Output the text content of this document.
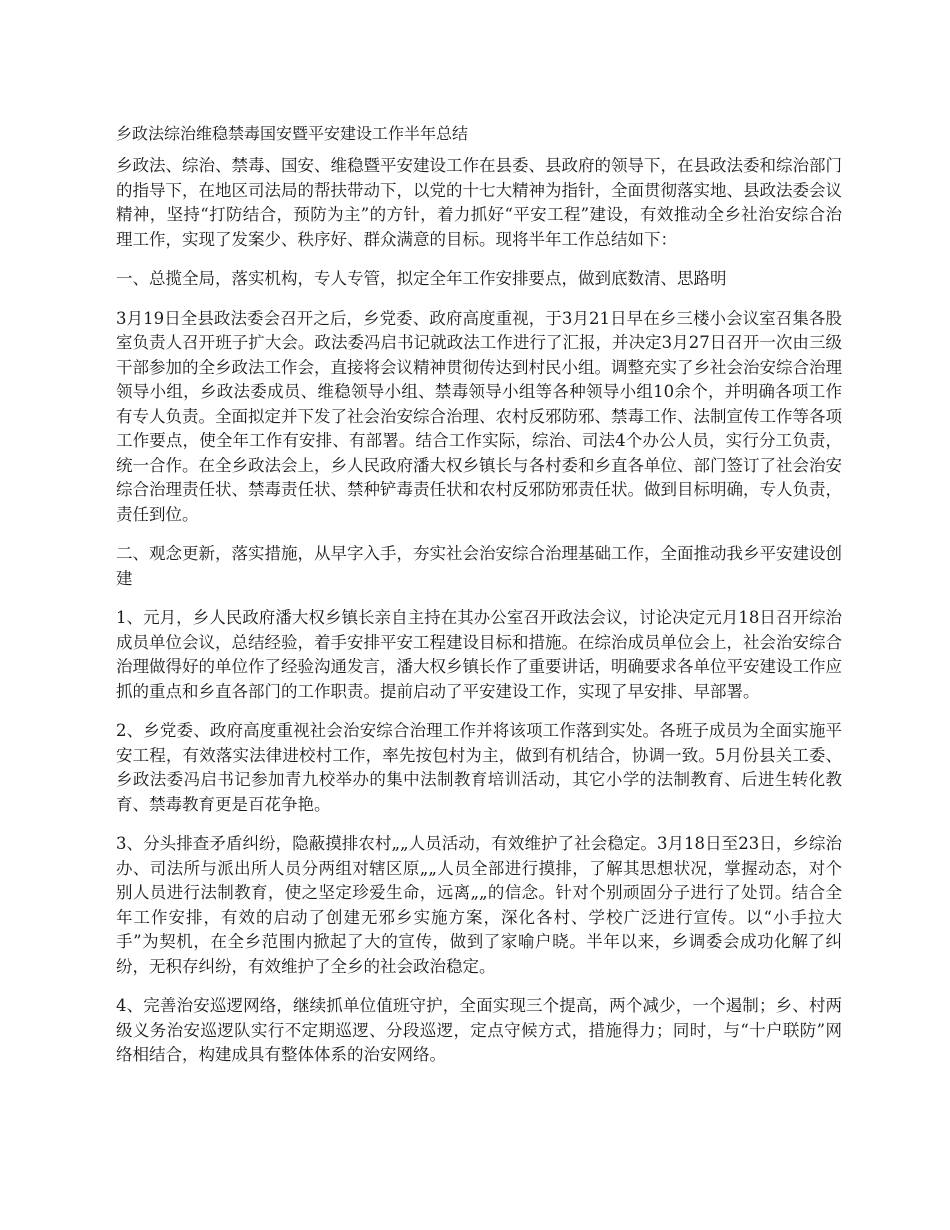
乡政法综治维稳禁毒国安暨平安建设工作半年总结

乡政法、综治、禁毒、国安、维稳暨平安建设工作在县委、县政府的领导下，在县政法委和综治部门的指导下，在地区司法局的帮扶带动下，以党的十七大精神为指针，全面贯彻落实地、县政法委会议精神，坚持“打防结合，预防为主”的方针，着力抓好“平安工程”建设，有效推动全乡社治安综合治理工作，实现了发案少、秩序好、群众满意的目标。现将半年工作总结如下：

一、总揽全局，落实机构，专人专管，拟定全年工作安排要点，做到底数清、思路明

3月19日全县政法委会召开之后，乡党委、政府高度重视，于3月21日早在乡三楼小会议室召集各股室负责人召开班子扩大会。政法委冯启书记就政法工作进行了汇报，并决定3月27日召开一次由三级干部参加的全乡政法工作会，直接将会议精神贯彻传达到村民小组。调整充实了乡社会治安综合治理领导小组，乡政法委成员、维稳领导小组、禁毒领导小组等各种领导小组10余个，并明确各项工作有专人负责。全面拟定并下发了社会治安综合治理、农村反邪防邪、禁毒工作、法制宣传工作等各项工作要点，使全年工作有安排、有部署。结合工作实际，综治、司法4个办公人员，实行分工负责，统一合作。在全乡政法会上，乡人民政府潘大权乡镇长与各村委和乡直各单位、部门签订了社会治安综合治理责任状、禁毒责任状、禁种铲毒责任状和农村反邪防邪责任状。做到目标明确，专人负责，责任到位。

二、观念更新，落实措施，从早字入手，夯实社会治安综合治理基础工作，全面推动我乡平安建设创建

1、元月，乡人民政府潘大权乡镇长亲自主持在其办公室召开政法会议，讨论决定元月18日召开综治成员单位会议，总结经验，着手安排平安工程建设目标和措施。在综治成员单位会上，社会治安综合治理做得好的单位作了经验沟通发言，潘大权乡镇长作了重要讲话，明确要求各单位平安建设工作应抓的重点和乡直各部门的工作职责。提前启动了平安建设工作，实现了早安排、早部署。

2、乡党委、政府高度重视社会治安综合治理工作并将该项工作落到实处。各班子成员为全面实施平安工程，有效落实法律进校村工作，率先按包村为主，做到有机结合，协调一致。5月份县关工委、乡政法委冯启书记参加青九校举办的集中法制教育培训活动，其它小学的法制教育、后进生转化教育、禁毒教育更是百花争艳。

3、分头排查矛盾纠纷，隐蔽摸排农村„„人员活动，有效维护了社会稳定。3月18日至23日，乡综治办、司法所与派出所人员分两组对辖区原„„人员全部进行摸排，了解其思想状况，掌握动态，对个别人员进行法制教育，使之坚定珍爱生命，远离„„的信念。针对个别顽固分子进行了处罚。结合全年工作安排，有效的启动了创建无邪乡实施方案，深化各村、学校广泛进行宣传。以“小手拉大手”为契机，在全乡范围内掀起了大的宣传，做到了家喻户晓。半年以来，乡调委会成功化解了纠纷，无积存纠纷，有效维护了全乡的社会政治稳定。

4、完善治安巡逻网络，继续抓单位值班守护，全面实现三个提高，两个减少，一个遏制；乡、村两级义务治安巡逻队实行不定期巡逻、分段巡逻，定点守候方式，措施得力；同时，与“十户联防”网络相结合，构建成具有整体体系的治安网络。
